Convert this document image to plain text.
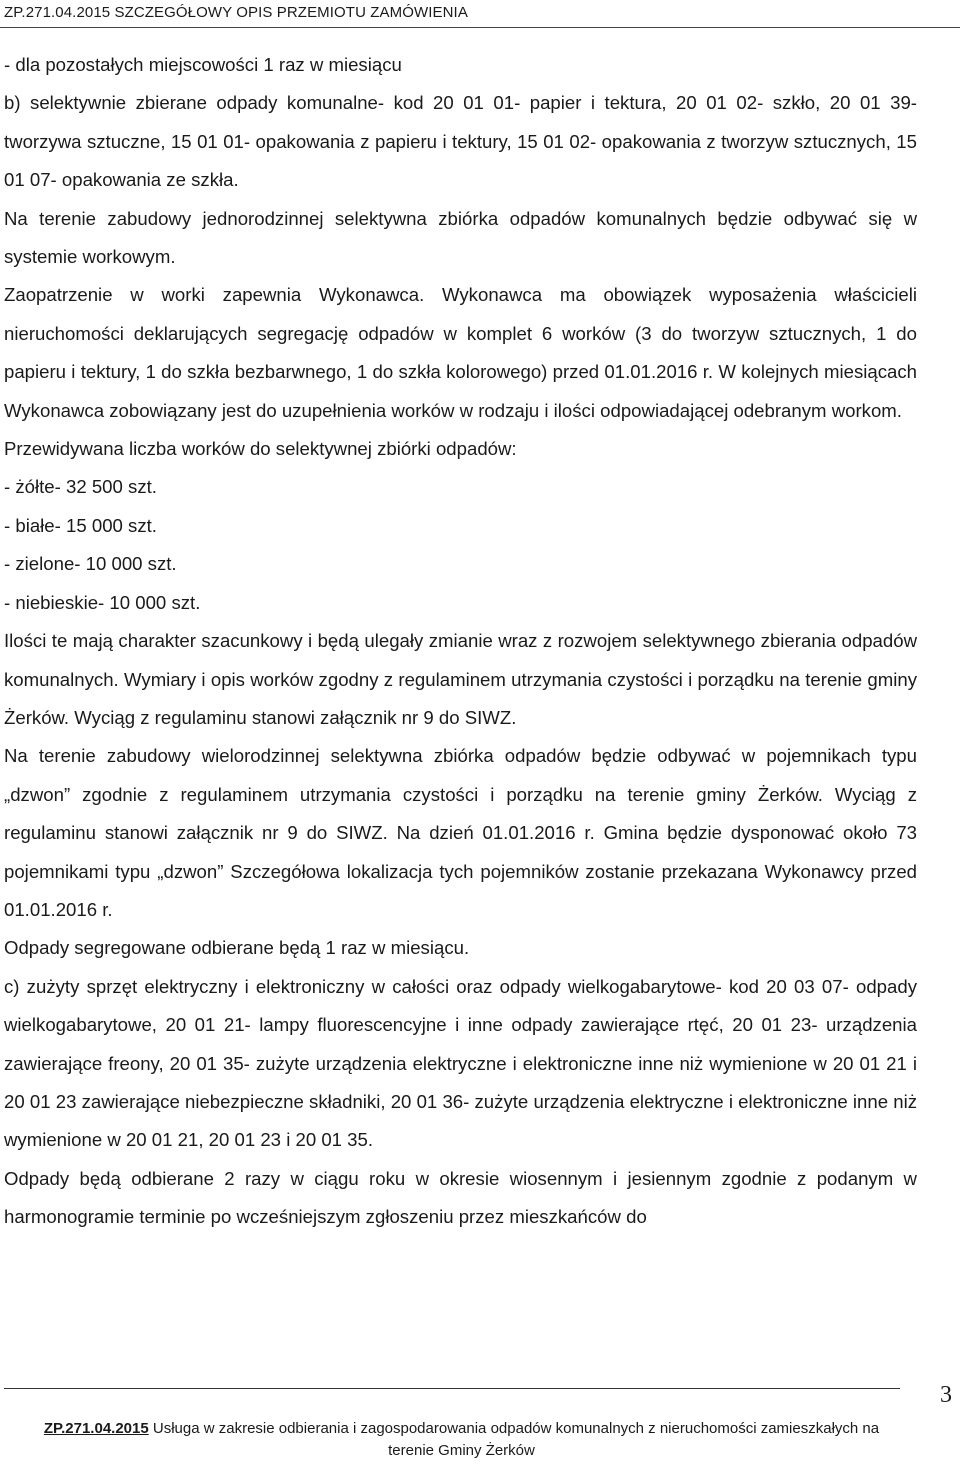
ZP.271.04.2015 SZCZEGÓŁOWY OPIS PRZEMIOTU ZAMÓWIENIA

- dla pozostałych miejscowości 1 raz w miesiącu

b) selektywnie zbierane odpady komunalne- kod 20 01 01- papier i tektura, 20 01 02- szkło, 20 01 39- tworzywa sztuczne, 15 01 01- opakowania z papieru i tektury, 15 01 02- opakowania z tworzyw sztucznych, 15 01 07- opakowania ze szkła.

Na terenie zabudowy jednorodzinnej selektywna zbiórka odpadów komunalnych będzie odbywać się w systemie workowym.

Zaopatrzenie w worki zapewnia Wykonawca. Wykonawca ma obowiązek wyposażenia właścicieli nieruchomości deklarujących segregację odpadów w komplet 6 worków (3 do tworzyw sztucznych, 1 do papieru i tektury, 1 do szkła bezbarwnego, 1 do szkła kolorowego) przed 01.01.2016 r. W kolejnych miesiącach Wykonawca zobowiązany jest do uzupełnienia worków w rodzaju i ilości odpowiadającej odebranym workom.

Przewidywana liczba worków do selektywnej zbiórki odpadów:

- żółte- 32 500 szt.

- białe- 15 000 szt.

- zielone- 10 000 szt.

- niebieskie- 10 000 szt.

Ilości te mają charakter szacunkowy i będą ulegały zmianie wraz z rozwojem selektywnego zbierania odpadów komunalnych. Wymiary i opis worków zgodny z regulaminem utrzymania czystości i porządku na terenie gminy Żerków. Wyciąg z regulaminu stanowi załącznik nr 9 do SIWZ.

Na terenie zabudowy wielorodzinnej selektywna zbiórka odpadów będzie odbywać w pojemnikach typu „dzwon” zgodnie z regulaminem utrzymania czystości i porządku na terenie gminy Żerków. Wyciąg z regulaminu stanowi załącznik nr 9 do SIWZ. Na dzień 01.01.2016 r. Gmina będzie dysponować około 73 pojemnikami typu „dzwon” Szczegółowa lokalizacja tych pojemników zostanie przekazana Wykonawcy przed 01.01.2016 r.

Odpady segregowane odbierane będą 1 raz w miesiącu.

c) zużyty sprzęt elektryczny i elektroniczny w całości oraz odpady wielkogabarytowe- kod 20 03 07- odpady wielkogabarytowe, 20 01 21- lampy fluorescencyjne i inne odpady zawierające rtęć, 20 01 23- urządzenia zawierające freony, 20 01 35- zużyte urządzenia elektryczne i elektroniczne inne niż wymienione w 20 01 21 i 20 01 23 zawierające niebezpieczne składniki, 20 01 36- zużyte urządzenia elektryczne i elektroniczne inne niż wymienione w 20 01 21, 20 01 23 i 20 01 35.

Odpady będą odbierane 2 razy w ciągu roku w okresie wiosennym i jesiennym zgodnie z podanym w harmonogramie terminie po wcześniejszym zgłoszeniu przez mieszkańców do

3
ZP.271.04.2015 Usługa w zakresie odbierania i zagospodarowania odpadów komunalnych z nieruchomości zamieszkałych na
terenie Gminy Żerków
